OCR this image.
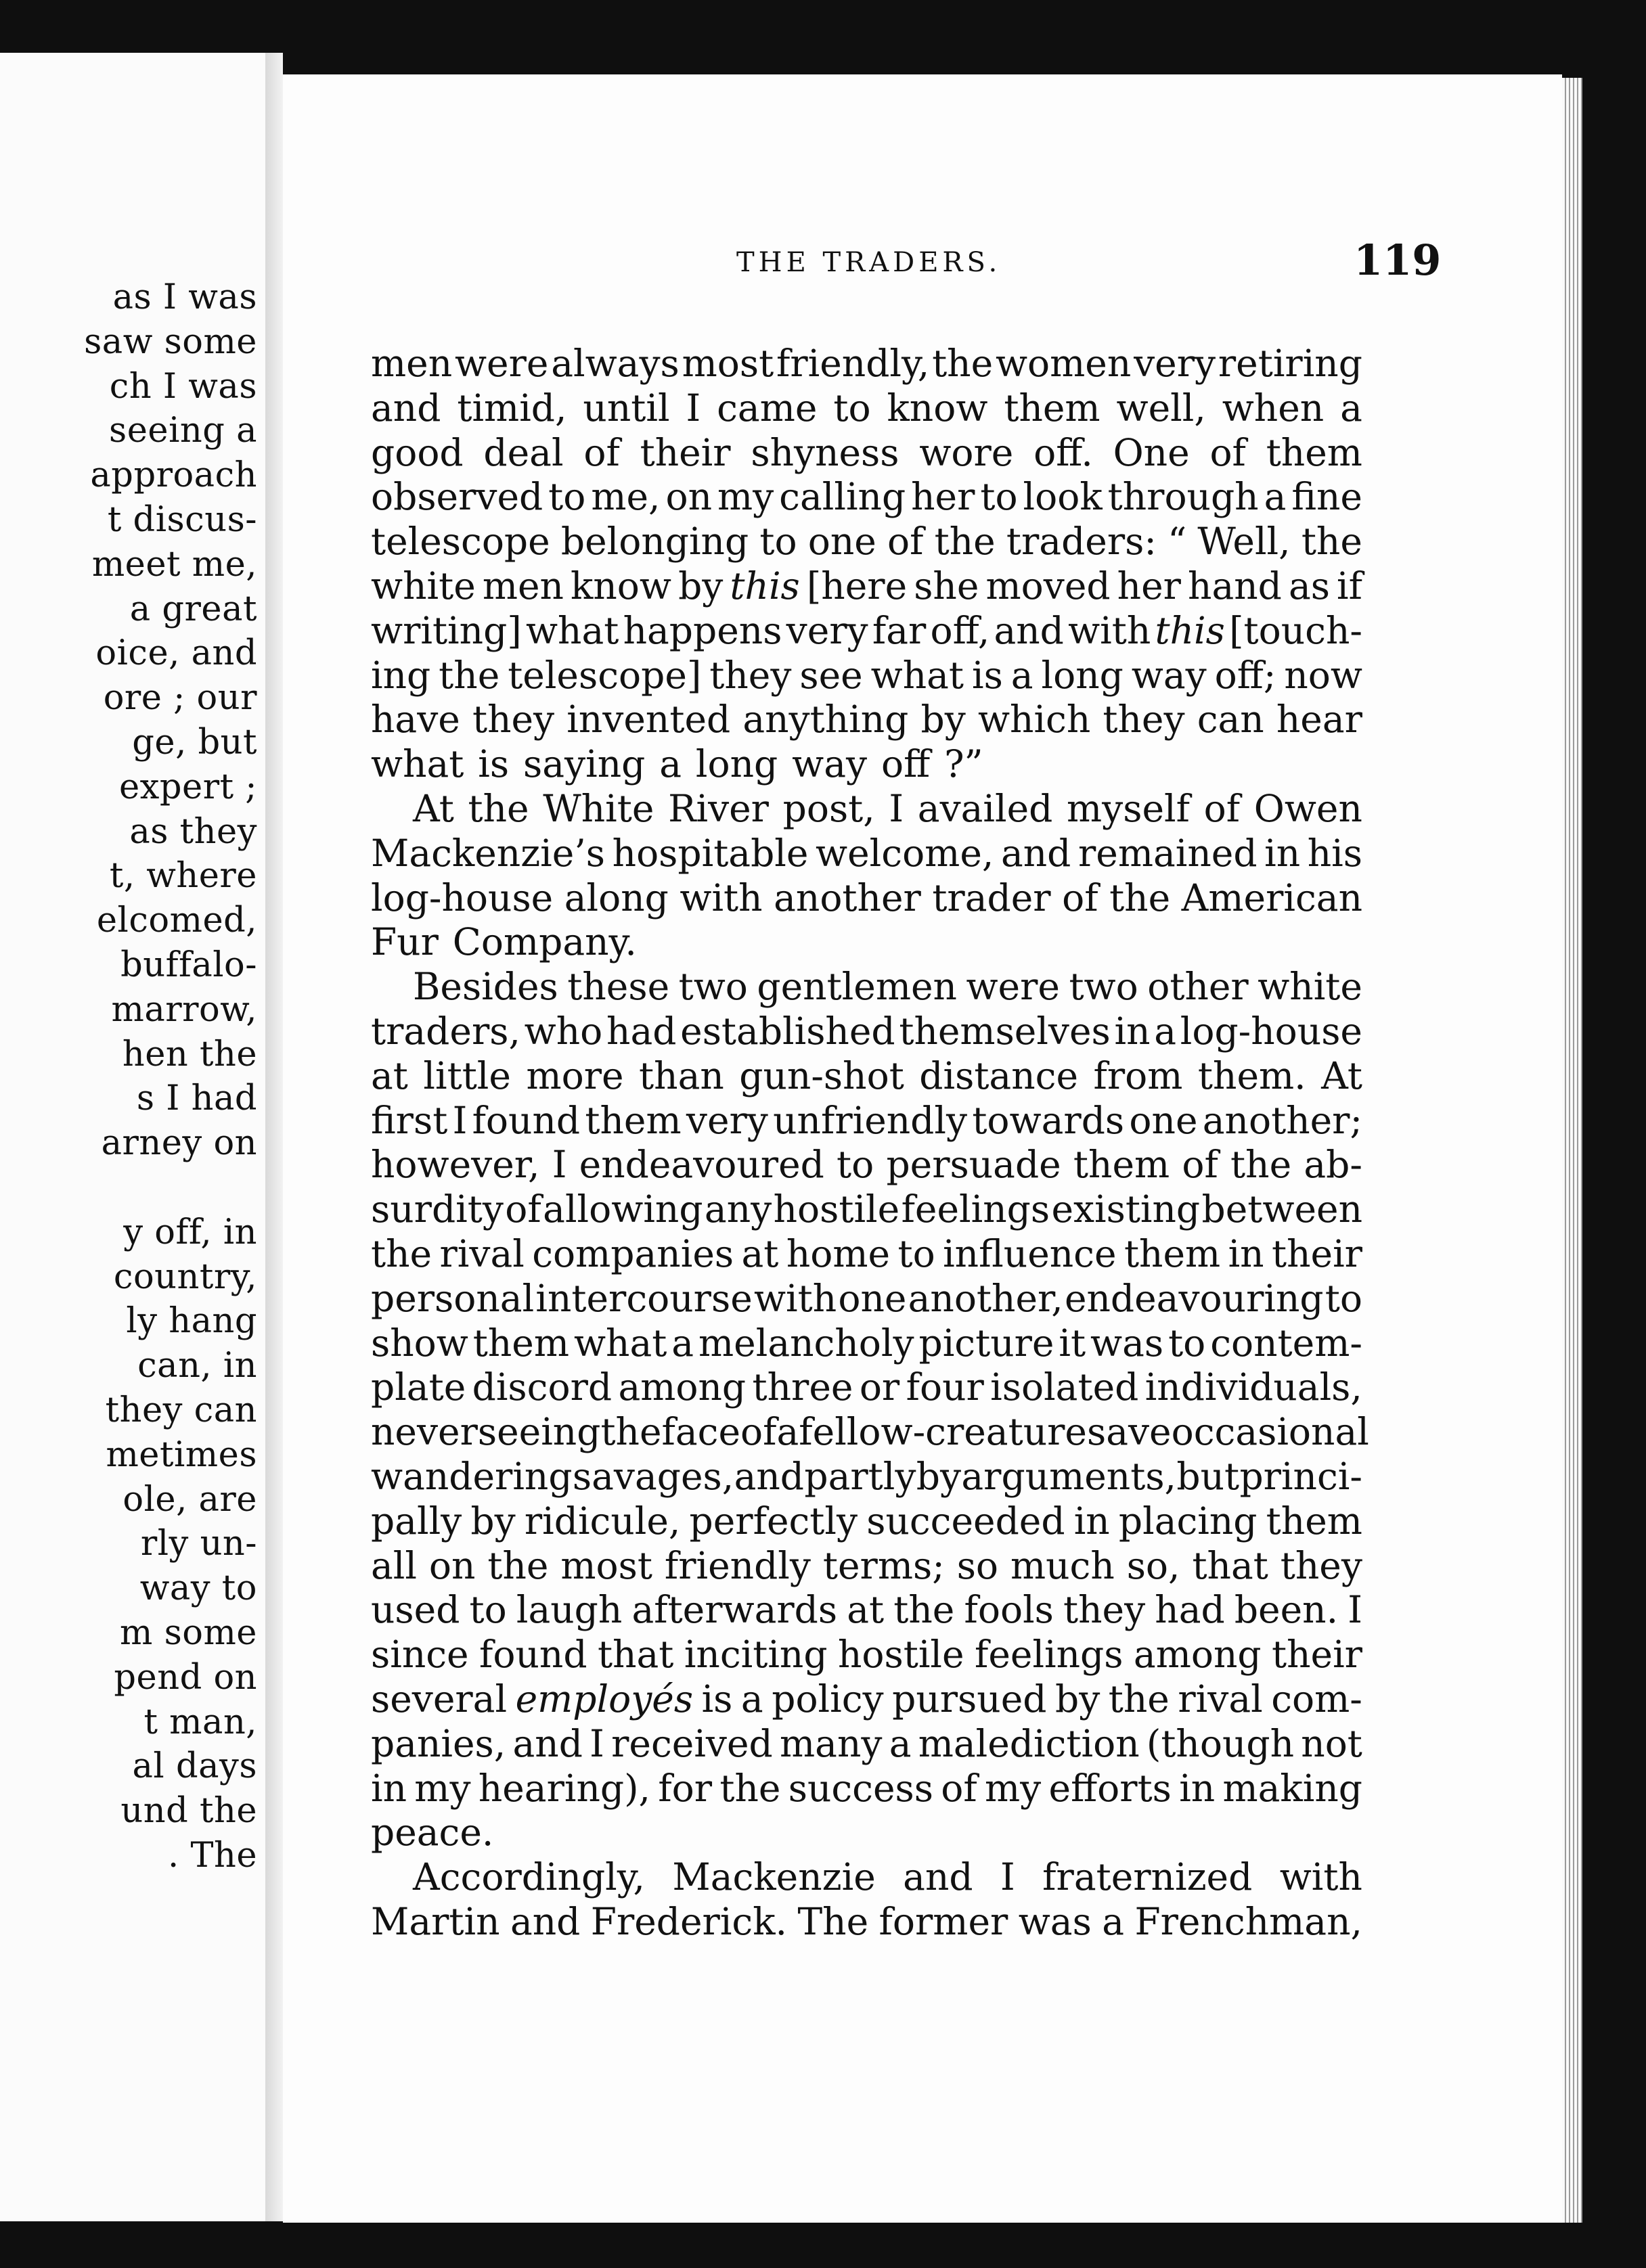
as I was
saw some
ch I was
seeing a
approach
t discus-
meet me,
a great
oice, and
ore ; our
ge, but
expert ;
as they
t, where
elcomed,
buffalo-
marrow,
hen the
s I had
arney on
y off, in
country,
ly hang
can, in
they can
metimes
ole, are
rly un-
way to
m some
pend on
t man,
al days
und the
. The
THE TRADERS.	119
men were always most friendly, the women very retiring
and timid, until I came to know them well, when a
good deal of their shyness wore off. One of them
observed to me, on my calling her to look through a fine
telescope belonging to one of the traders: “ Well, the
white men know by this [here she moved her hand as if
writing] what happens very far off, and with this [touch-
ing the telescope] they see what is a long way off; now
have they invented anything by which they can hear
what is saying a long way off ?”
At the White River post, I availed myself of Owen
Mackenzie’s hospitable welcome, and remained in his
log-house along with another trader of the American
Fur Company.
Besides these two gentlemen were two other white
traders, who had established themselves in a log-house
at little more than gun-shot distance from them. At
first I found them very unfriendly towards one another;
however, I endeavoured to persuade them of the ab-
surdity of allowing any hostile feelings existing between
the rival companies at home to influence them in their
personal intercourse with one another, endeavouring to
show them what a melancholy picture it was to contem-
plate discord among three or four isolated individuals,
never seeing the face of a fellow-creature save occasional
wandering savages, and partly by arguments, but princi-
pally by ridicule, perfectly succeeded in placing them
all on the most friendly terms; so much so, that they
used to laugh afterwards at the fools they had been. I
since found that inciting hostile feelings among their
several employés is a policy pursued by the rival com-
panies, and I received many a malediction (though not
in my hearing), for the success of my efforts in making
peace.
Accordingly, Mackenzie and I fraternized with
Martin and Frederick. The former was a Frenchman,
